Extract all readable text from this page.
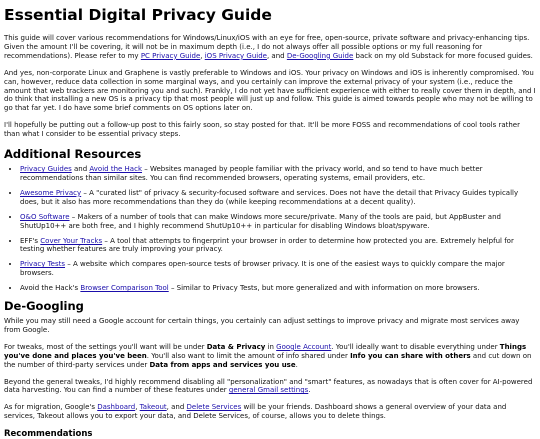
Essential Digital Privacy Guide

This guide will cover various recommendations for Windows/Linux/iOS with an eye for free, open-source, private software and privacy-enhancing tips. Given the amount I'll be covering, it will not be in maximum depth (i.e., I do not always offer all possible options or my full reasoning for recommendations). Please refer to my PC Privacy Guide, iOS Privacy Guide, and De-Googling Guide back on my old Substack for more focused guides.

And yes, non-corporate Linux and Graphene is vastly preferable to Windows and iOS. Your privacy on Windows and iOS is inherently compromised. You can, however, reduce data collection in some marginal ways, and you certainly can improve the external privacy of your system (i.e., reduce the amount that web trackers are monitoring you and such). Frankly, I do not yet have sufficient experience with either to really cover them in depth, and I do think that installing a new OS is a privacy tip that most people will just up and follow. This guide is aimed towards people who may not be willing to go that far yet. I do have some brief comments on OS options later on.

I'll hopefully be putting out a follow-up post to this fairly soon, so stay posted for that. It'll be more FOSS and recommendations of cool tools rather than what I consider to be essential privacy steps.

Additional Resources
• Privacy Guides and Avoid the Hack – Websites managed by people familiar with the privacy world, and so tend to have much better recommendations than similar sites. You can find recommended browsers, operating systems, email providers, etc.
• Awesome Privacy – A "curated list" of privacy & security-focused software and services. Does not have the detail that Privacy Guides typically does, but it also has more recommendations than they do (while keeping recommendations at a decent quality).
• O&O Software – Makers of a number of tools that can make Windows more secure/private. Many of the tools are paid, but AppBuster and ShutUp10++ are both free, and I highly recommend ShutUp10++ in particular for disabling Windows bloat/spyware.
• EFF's Cover Your Tracks – A tool that attempts to fingerprint your browser in order to determine how protected you are. Extremely helpful for testing whether features are truly improving your privacy.
• Privacy Tests – A website which compares open-source tests of browser privacy. It is one of the easiest ways to quickly compare the major browsers.
• Avoid the Hack's Browser Comparison Tool – Similar to Privacy Tests, but more generalized and with information on more browsers.
De-Googling

While you may still need a Google account for certain things, you certainly can adjust settings to improve privacy and migrate most services away from Google.

For tweaks, most of the settings you'll want will be under Data & Privacy in Google Account. You'll ideally want to disable everything under Things you've done and places you've been. You'll also want to limit the amount of info shared under Info you can share with others and cut down on the number of third-party services under Data from apps and services you use.

Beyond the general tweaks, I'd highly recommend disabling all "personalization" and "smart" features, as nowadays that is often cover for AI-powered data harvesting. You can find a number of these features under general Gmail settings.

As for migration, Google's Dashboard, Takeout, and Delete Services will be your friends. Dashboard shows a general overview of your data and services, Takeout allows you to export your data, and Delete Services, of course, allows you to delete things.

Recommendations
